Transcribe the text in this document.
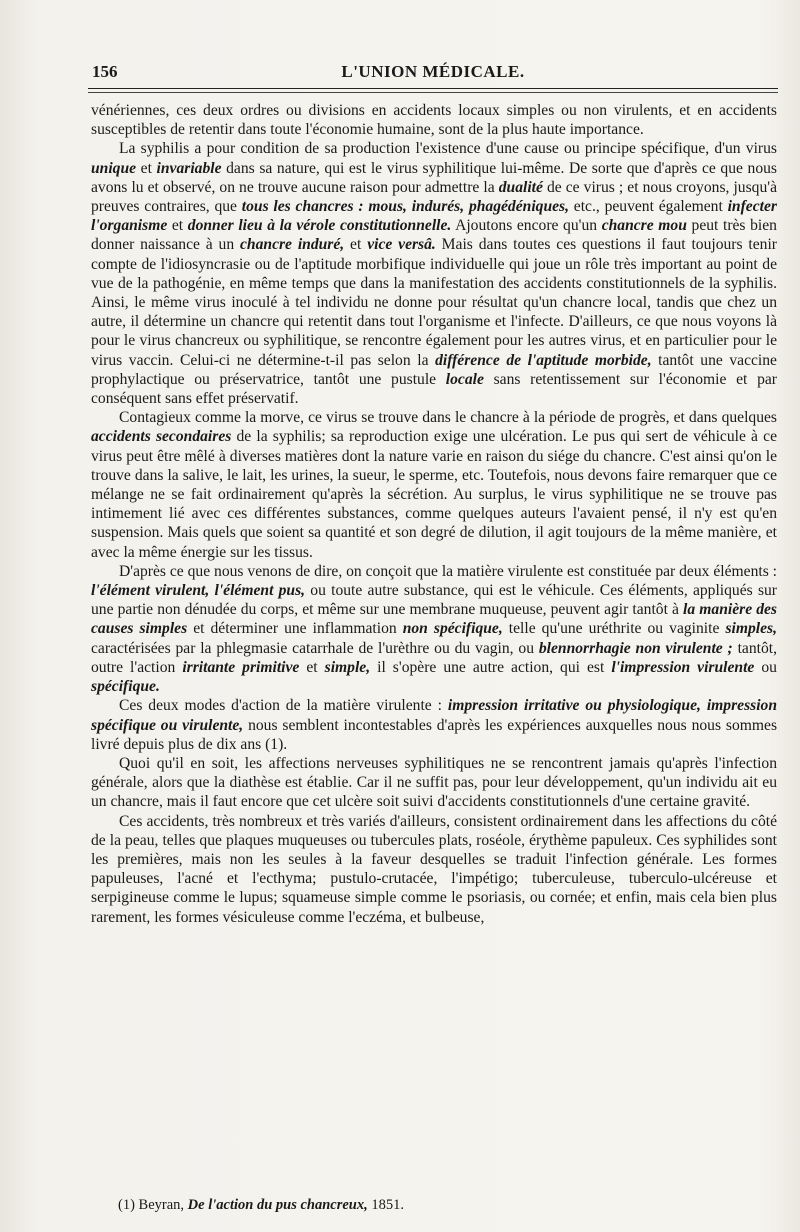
156	L'UNION MÉDICALE.

vénériennes, ces deux ordres ou divisions en accidents locaux simples ou non virulents, et en accidents susceptibles de retentir dans toute l'économie humaine, sont de la plus haute importance.

La syphilis a pour condition de sa production l'existence d'une cause ou principe spécifique, d'un virus unique et invariable dans sa nature, qui est le virus syphilitique lui-même. De sorte que d'après ce que nous avons lu et observé, on ne trouve aucune raison pour admettre la dualité de ce virus ; et nous croyons, jusqu'à preuves contraires, que tous les chancres : mous, indurés, phagédéniques, etc., peuvent également infecter l'organisme et donner lieu à la vérole constitutionnelle. Ajoutons encore qu'un chancre mou peut très bien donner naissance à un chancre induré, et vice versâ. Mais dans toutes ces questions il faut toujours tenir compte de l'idiosyncrasie ou de l'aptitude morbifique individuelle qui joue un rôle très important au point de vue de la pathogénie, en même temps que dans la manifestation des accidents constitutionnels de la syphilis. Ainsi, le même virus inoculé à tel individu ne donne pour résultat qu'un chancre local, tandis que chez un autre, il détermine un chancre qui retentit dans tout l'organisme et l'infecte. D'ailleurs, ce que nous voyons là pour le virus chancreux ou syphilitique, se rencontre également pour les autres virus, et en particulier pour le virus vaccin. Celui-ci ne détermine-t-il pas selon la différence de l'aptitude morbide, tantôt une vaccine prophylactique ou préservatrice, tantôt une pustule locale sans retentissement sur l'économie et par conséquent sans effet préservatif.

Contagieux comme la morve, ce virus se trouve dans le chancre à la période de progrès, et dans quelques accidents secondaires de la syphilis; sa reproduction exige une ulcération. Le pus qui sert de véhicule à ce virus peut être mêlé à diverses matières dont la nature varie en raison du siége du chancre. C'est ainsi qu'on le trouve dans la salive, le lait, les urines, la sueur, le sperme, etc. Toutefois, nous devons faire remarquer que ce mélange ne se fait ordinairement qu'après la sécrétion. Au surplus, le virus syphilitique ne se trouve pas intimement lié avec ces différentes substances, comme quelques auteurs l'avaient pensé, il n'y est qu'en suspension. Mais quels que soient sa quantité et son degré de dilution, il agit toujours de la même manière, et avec la même énergie sur les tissus.

D'après ce que nous venons de dire, on conçoit que la matière virulente est constituée par deux éléments : l'élément virulent, l'élément pus, ou toute autre substance, qui est le véhicule. Ces éléments, appliqués sur une partie non dénudée du corps, et même sur une membrane muqueuse, peuvent agir tantôt à la manière des causes simples et déterminer une inflammation non spécifique, telle qu'une uréthrite ou vaginite simples, caractérisées par la phlegmasie catarrhale de l'urèthre ou du vagin, ou blennorrhagie non virulente ; tantôt, outre l'action irritante primitive et simple, il s'opère une autre action, qui est l'impression virulente ou spécifique.

Ces deux modes d'action de la matière virulente : impression irritative ou physiologique, impression spécifique ou virulente, nous semblent incontestables d'après les expériences auxquelles nous nous sommes livré depuis plus de dix ans (1).

Quoi qu'il en soit, les affections nerveuses syphilitiques ne se rencontrent jamais qu'après l'infection générale, alors que la diathèse est établie. Car il ne suffit pas, pour leur développement, qu'un individu ait eu un chancre, mais il faut encore que cet ulcère soit suivi d'accidents constitutionnels d'une certaine gravité.

Ces accidents, très nombreux et très variés d'ailleurs, consistent ordinairement dans les affections du côté de la peau, telles que plaques muqueuses ou tubercules plats, roséole, érythème papuleux. Ces syphilides sont les premières, mais non les seules à la faveur desquelles se traduit l'infection générale. Les formes papuleuses, l'acné et l'ecthyma; pustulo-crutacée, l'impétigo; tuberculeuse, tuberculo-ulcéreuse et serpigineuse comme le lupus; squameuse simple comme le psoriasis, ou cornée; et enfin, mais cela bien plus rarement, les formes vésiculeuse comme l'eczéma, et bulbeuse,

(1) Beyran, De l'action du pus chancreux, 1851.
